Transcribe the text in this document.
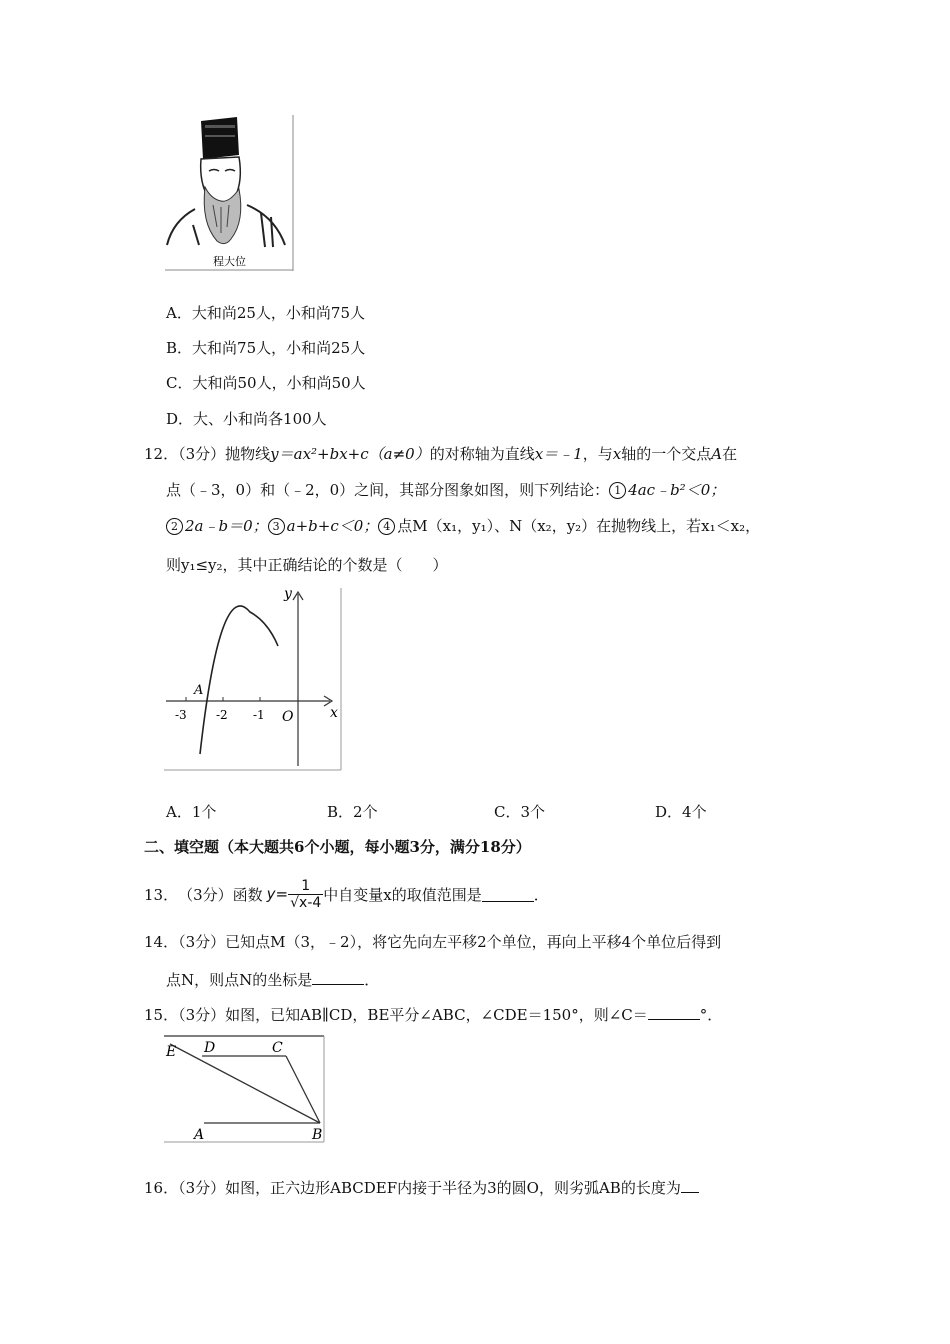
程大位
A．大和尚25人，小和尚75人
B．大和尚75人，小和尚25人
C．大和尚50人，小和尚50人
D．大、小和尚各100人
12．（3分）抛物线y＝ax²+bx+c（a≠0）的对称轴为直线x＝﹣1，与x轴的一个交点A在
点（﹣3，0）和（﹣2，0）之间，其部分图象如图，则下列结论： 1 4ac﹣b²＜0；
2 2a﹣b＝0； 3 a+b+c＜0； 4 点M（x₁，y₁）、N（x₂，y₂）在抛物线上，若x₁＜x₂，
则y₁≤y₂，其中正确结论的个数是（　　）
y
x
O
A
-3 -2 -1
A．1个	B．2个	C．3个	D．4个
二、填空题（本大题共6个小题，每小题3分，满分18分）
13． （3分） 函数 $y= \frac{1}{√x-4}$ 中自变量x的取值范围是	．
14．（3分）已知点M（3，﹣2），将它先向左平移2个单位，再向上平移4个单位后得到
点N，则点N的坐标是	．
15．（3分）如图，已知AB∥CD，BE平分∠ABC，∠CDE＝150°，则∠C＝	°．
E D	C
A	B
16．（3分）如图，正六边形ABCDEF内接于半径为3的圆O，则劣弧AB的长度为
